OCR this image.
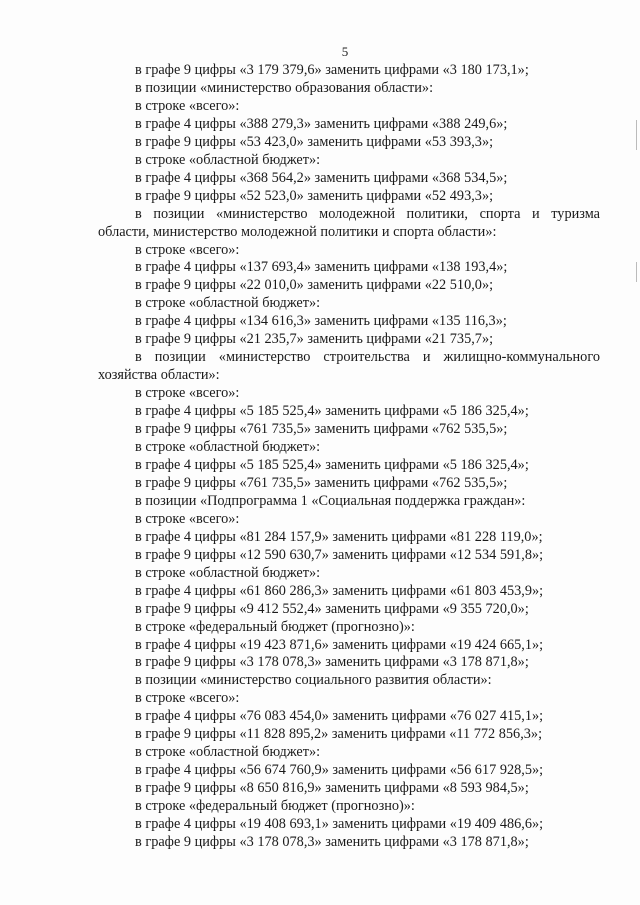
5
в графе 9 цифры «3 179 379,6» заменить цифрами «3 180 173,1»;
в позиции «министерство образования области»:
в строке «всего»:
в графе 4 цифры «388 279,3» заменить цифрами «388 249,6»;
в графе 9 цифры «53 423,0» заменить цифрами «53 393,3»;
в строке «областной бюджет»:
в графе 4 цифры «368 564,2» заменить цифрами «368 534,5»;
в графе 9 цифры «52 523,0» заменить цифрами «52 493,3»;
в позиции «министерство молодежной политики, спорта и туризма
области, министерство молодежной политики и спорта области»:
в строке «всего»:
в графе 4 цифры «137 693,4» заменить цифрами «138 193,4»;
в графе 9 цифры «22 010,0» заменить цифрами «22 510,0»;
в строке «областной бюджет»:
в графе 4 цифры «134 616,3» заменить цифрами «135 116,3»;
в графе 9 цифры «21 235,7» заменить цифрами «21 735,7»;
в позиции «министерство строительства и жилищно-коммунального
хозяйства области»:
в строке «всего»:
в графе 4 цифры «5 185 525,4» заменить цифрами «5 186 325,4»;
в графе 9 цифры «761 735,5» заменить цифрами «762 535,5»;
в строке «областной бюджет»:
в графе 4 цифры «5 185 525,4» заменить цифрами «5 186 325,4»;
в графе 9 цифры «761 735,5» заменить цифрами «762 535,5»;
в позиции «Подпрограмма 1 «Социальная поддержка граждан»:
в строке «всего»:
в графе 4 цифры «81 284 157,9» заменить цифрами «81 228 119,0»;
в графе 9 цифры «12 590 630,7» заменить цифрами «12 534 591,8»;
в строке «областной бюджет»:
в графе 4 цифры «61 860 286,3» заменить цифрами «61 803 453,9»;
в графе 9 цифры «9 412 552,4» заменить цифрами «9 355 720,0»;
в строке «федеральный бюджет (прогнозно)»:
в графе 4 цифры «19 423 871,6» заменить цифрами «19 424 665,1»;
в графе 9 цифры «3 178 078,3» заменить цифрами «3 178 871,8»;
в позиции «министерство социального развития области»:
в строке «всего»:
в графе 4 цифры «76 083 454,0» заменить цифрами «76 027 415,1»;
в графе 9 цифры «11 828 895,2» заменить цифрами «11 772 856,3»;
в строке «областной бюджет»:
в графе 4 цифры «56 674 760,9» заменить цифрами «56 617 928,5»;
в графе 9 цифры «8 650 816,9» заменить цифрами «8 593 984,5»;
в строке «федеральный бюджет (прогнозно)»:
в графе 4 цифры «19 408 693,1» заменить цифрами «19 409 486,6»;
в графе 9 цифры «3 178 078,3» заменить цифрами «3 178 871,8»;
